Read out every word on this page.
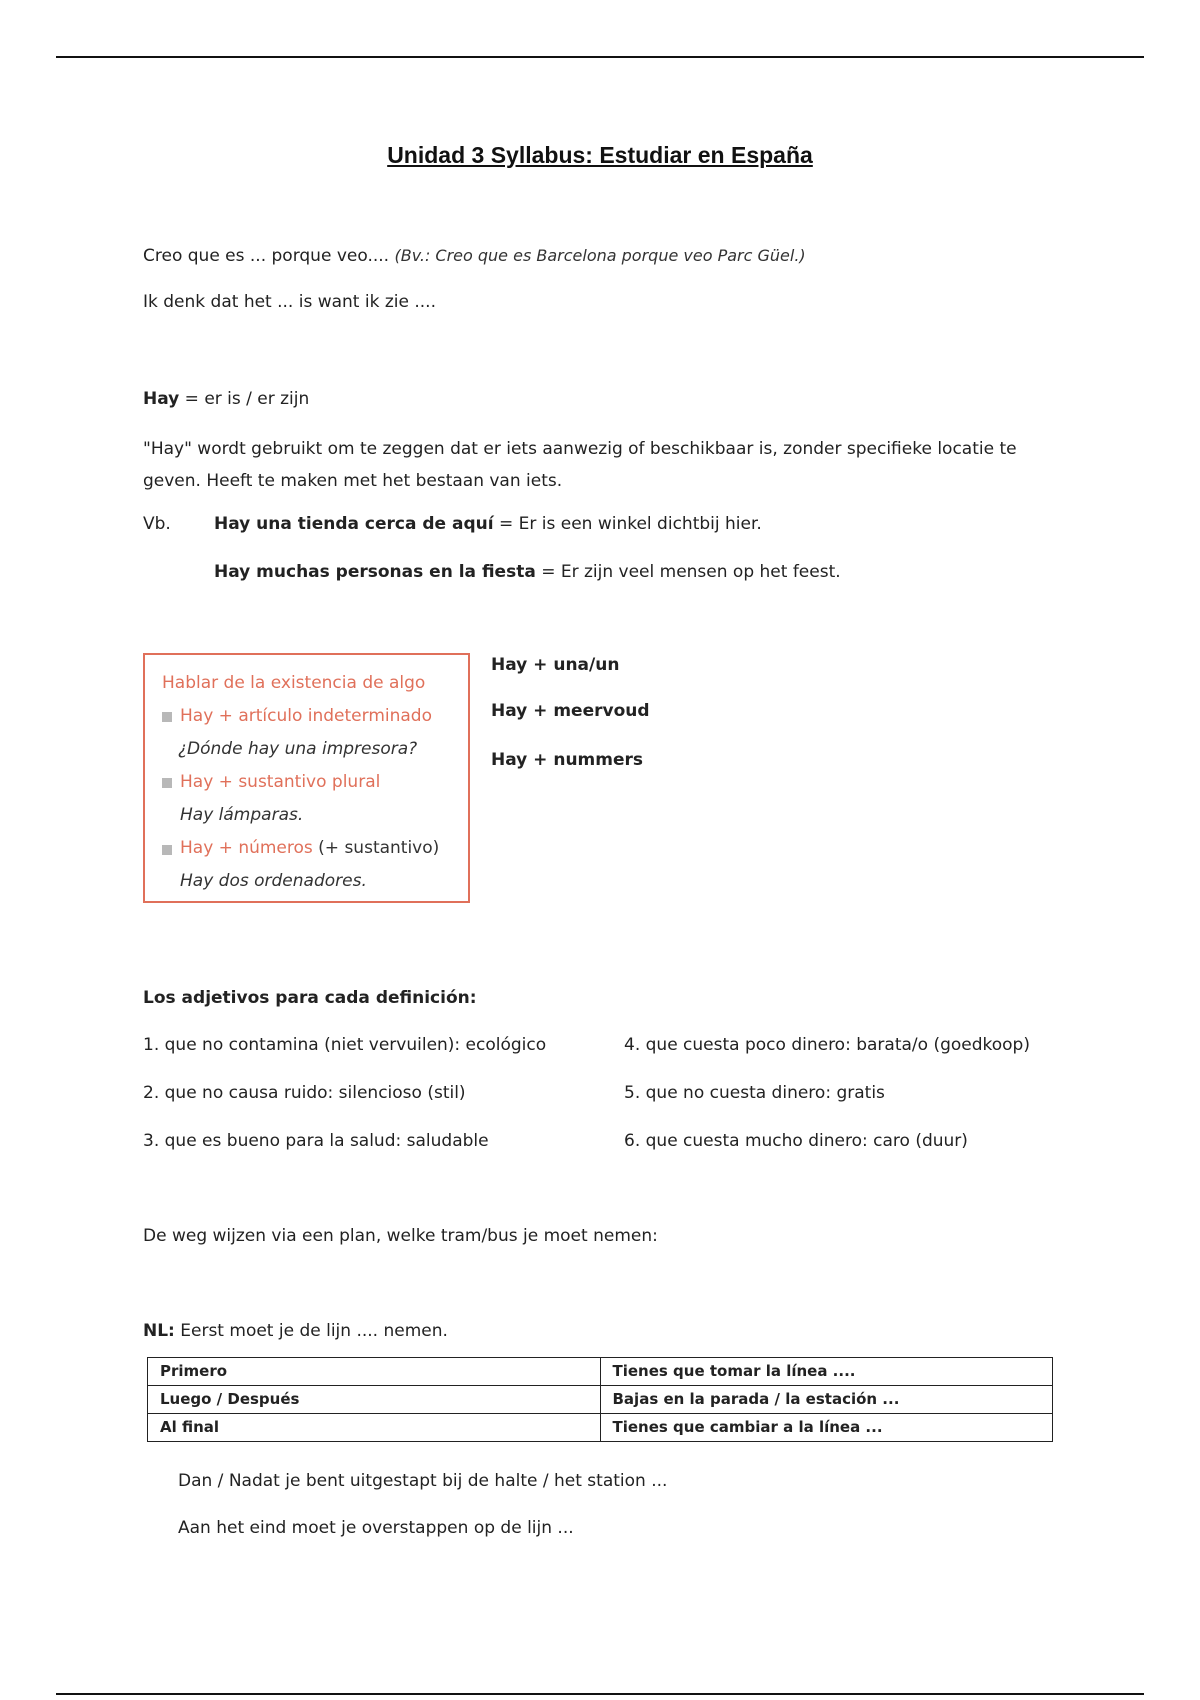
Unidad 3 Syllabus: Estudiar en España
Creo que es ... porque veo.... (Bv.: Creo que es Barcelona porque veo Parc Güel.)
Ik denk dat het ... is want ik zie ....
Hay = er is / er zijn
"Hay" wordt gebruikt om te zeggen dat er iets aanwezig of beschikbaar is, zonder specifieke locatie te geven. Heeft te maken met het bestaan van iets.
Vb.	Hay una tienda cerca de aquí = Er is een winkel dichtbij hier.
Hay muchas personas en la fiesta = Er zijn veel mensen op het feest.
Hablar de la existencia de algo
Hay + artículo indeterminado
¿Dónde hay una impresora?
Hay + sustantivo plural
Hay lámparas.
Hay + números (+ sustantivo)
Hay dos ordenadores.
Hay + una/un
Hay + meervoud
Hay + nummers
Los adjetivos para cada definición:
1. que no contamina (niet vervuilen): ecológico
2. que no causa ruido: silencioso (stil)
3. que es bueno para la salud: saludable
4. que cuesta poco dinero: barata/o (goedkoop)
5. que no cuesta dinero: gratis
6. que cuesta mucho dinero: caro (duur)
De weg wijzen via een plan, welke tram/bus je moet nemen:
NL: Eerst moet je de lijn .... nemen.
Primero	Tienes que tomar la línea ....
Luego / Después	Bajas en la parada / la estación ...
Al final	Tienes que cambiar a la línea ...
Dan / Nadat je bent uitgestapt bij de halte / het station ...
Aan het eind moet je overstappen op de lijn ...
